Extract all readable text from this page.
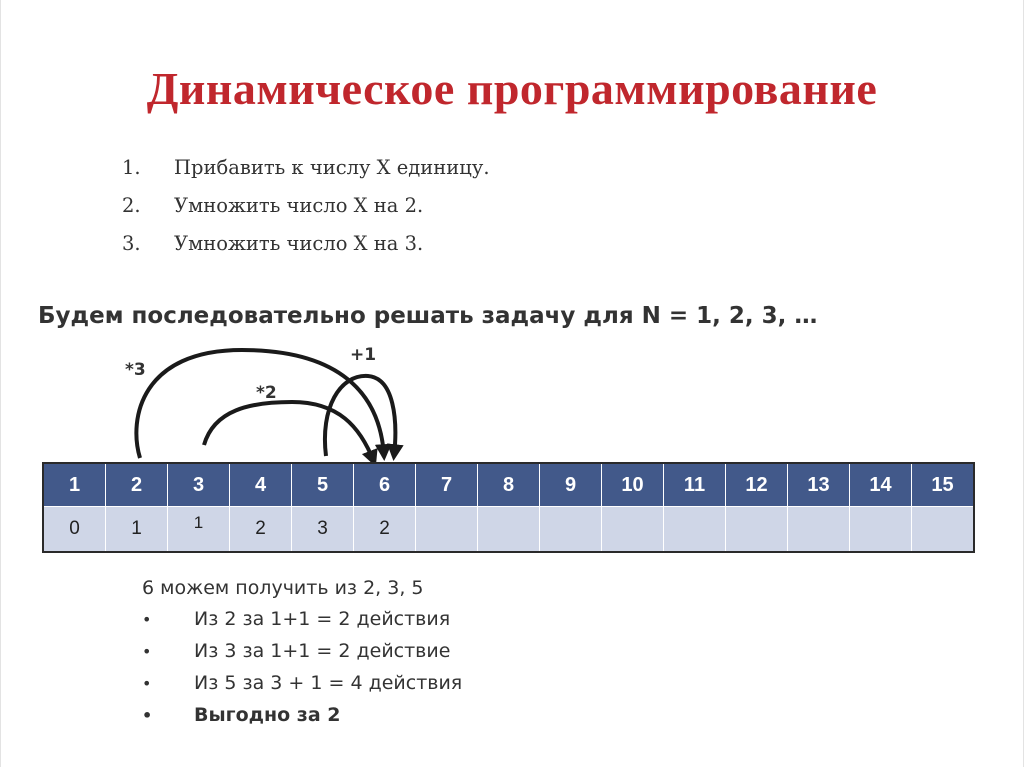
Динамическое программирование
1.	Прибавить к числу X единицу.
2.	Умножить число X на 2.
3.	Умножить число X на 3.
Будем последовательно решать задачу для N = 1, 2, 3, …
*3
*2
+1
1	2	3	4	5	6	7	8	9	10	11	12	13	14	15
0	1	1	2	3	2									
6 можем получить из 2, 3, 5
•	Из 2 за 1+1 = 2 действия
•	Из 3 за 1+1 = 2 действие
•	Из 5 за 3 + 1 = 4 действия
•	Выгодно за 2
